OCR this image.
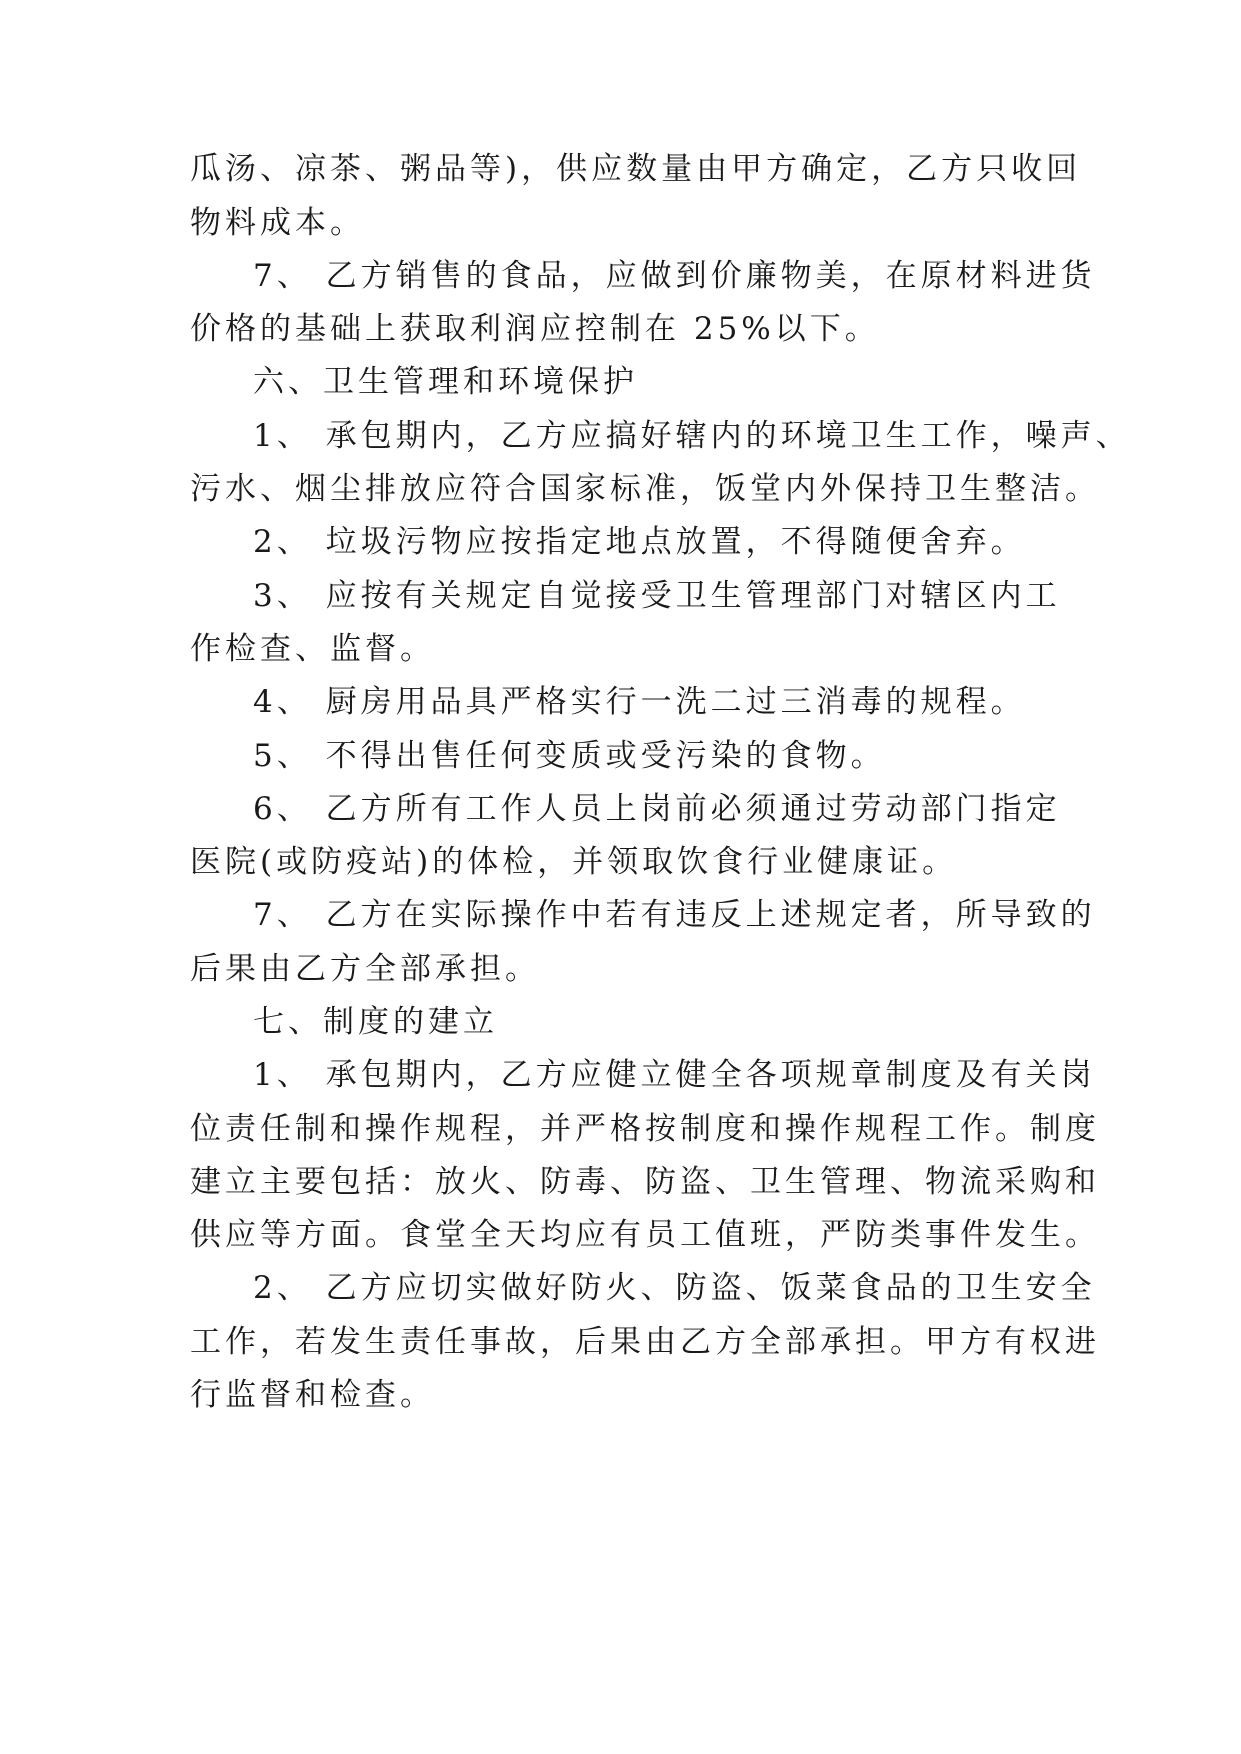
瓜汤、凉茶、粥品等)，供应数量由甲方确定，乙方只收回
物料成本。
7、 乙方销售的食品，应做到价廉物美，在原材料进货
价格的基础上获取利润应控制在 25%以下。
六、卫生管理和环境保护
1、 承包期内，乙方应搞好辖内的环境卫生工作，噪声、
污水、烟尘排放应符合国家标准，饭堂内外保持卫生整洁。
2、 垃圾污物应按指定地点放置，不得随便舍弃。
3、 应按有关规定自觉接受卫生管理部门对辖区内工
作检查、监督。
4、 厨房用品具严格实行一洗二过三消毒的规程。
5、 不得出售任何变质或受污染的食物。
6、 乙方所有工作人员上岗前必须通过劳动部门指定
医院(或防疫站)的体检，并领取饮食行业健康证。
7、 乙方在实际操作中若有违反上述规定者，所导致的
后果由乙方全部承担。
七、制度的建立
1、 承包期内，乙方应健立健全各项规章制度及有关岗
位责任制和操作规程，并严格按制度和操作规程工作。制度
建立主要包括：放火、防毒、防盗、卫生管理、物流采购和
供应等方面。食堂全天均应有员工值班，严防类事件发生。
2、 乙方应切实做好防火、防盗、饭菜食品的卫生安全
工作，若发生责任事故，后果由乙方全部承担。甲方有权进
行监督和检查。
